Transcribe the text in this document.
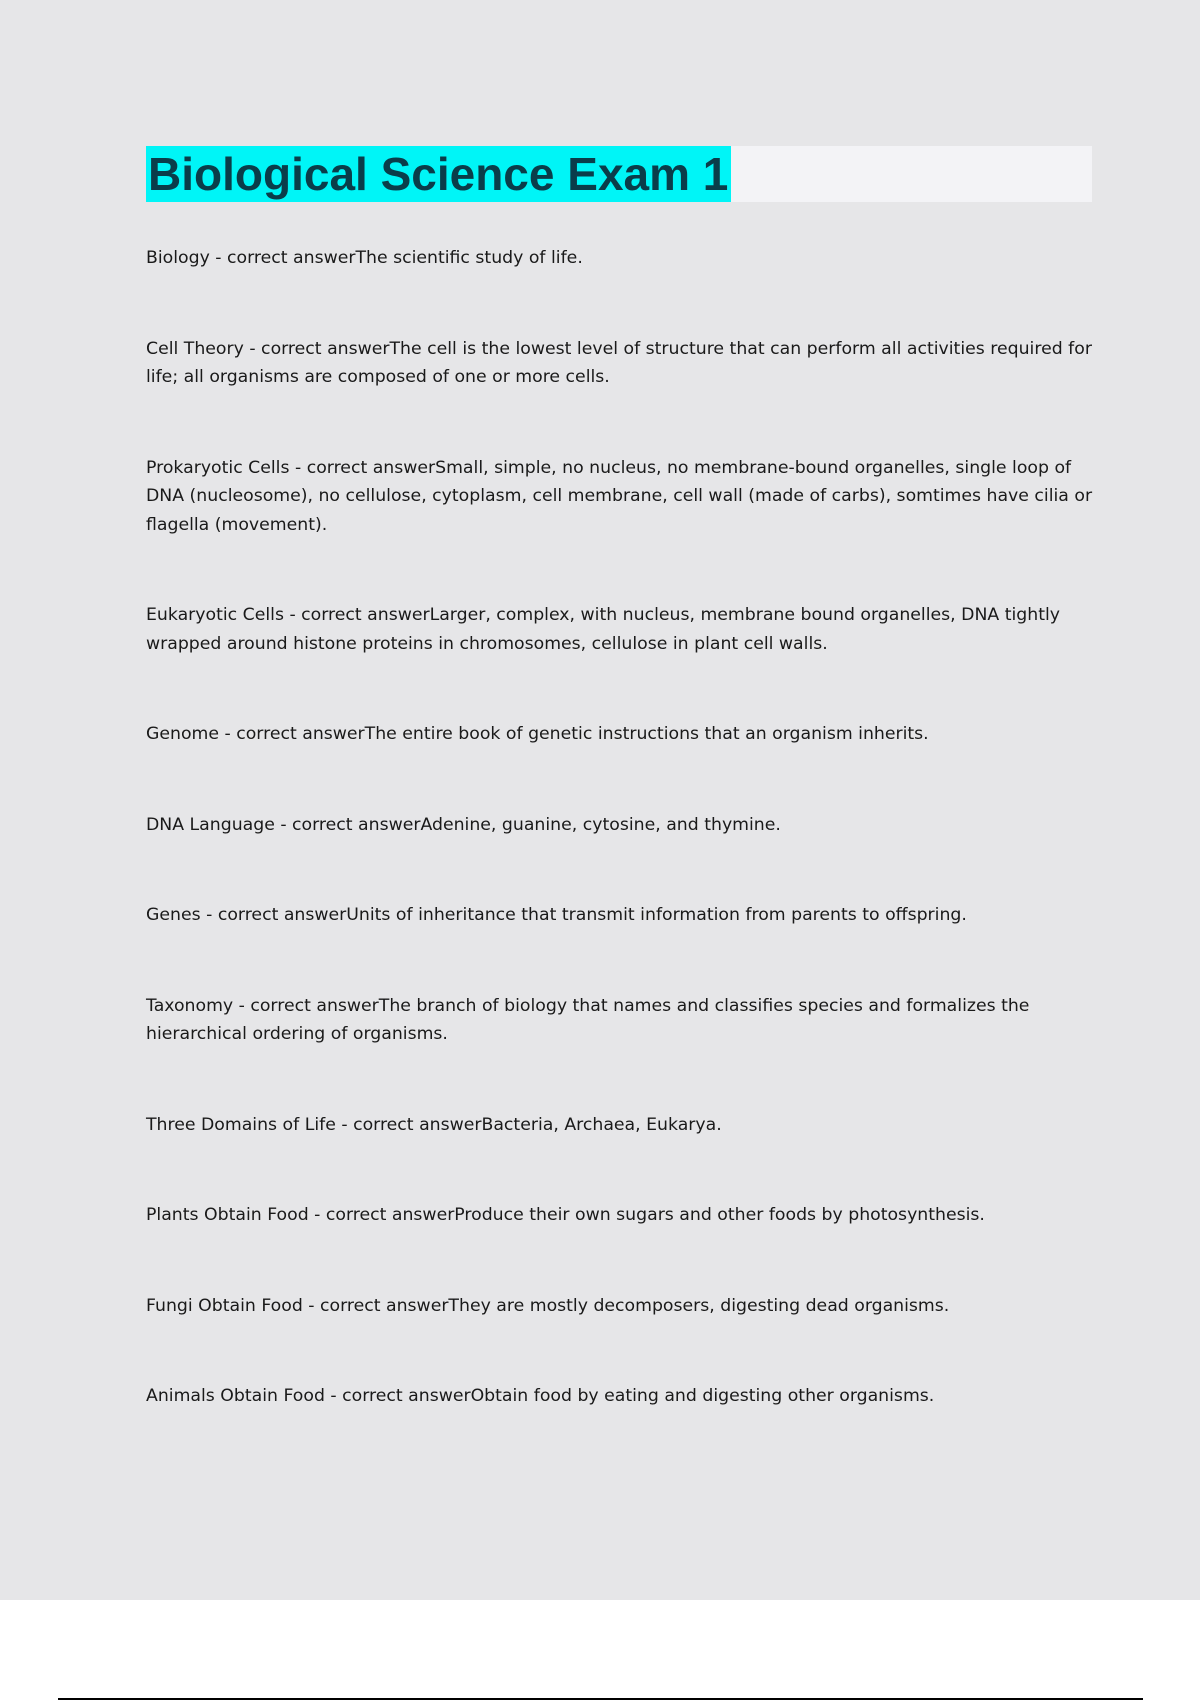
Biological Science Exam 1

Biology - correct answerThe scientific study of life.

Cell Theory - correct answerThe cell is the lowest level of structure that can perform all activities required for life; all organisms are composed of one or more cells.

Prokaryotic Cells - correct answerSmall, simple, no nucleus, no membrane-bound organelles, single loop of DNA (nucleosome), no cellulose, cytoplasm, cell membrane, cell wall (made of carbs), somtimes have cilia or flagella (movement).

Eukaryotic Cells - correct answerLarger, complex, with nucleus, membrane bound organelles, DNA tightly wrapped around histone proteins in chromosomes, cellulose in plant cell walls.

Genome - correct answerThe entire book of genetic instructions that an organism inherits.

DNA Language - correct answerAdenine, guanine, cytosine, and thymine.

Genes - correct answerUnits of inheritance that transmit information from parents to offspring.

Taxonomy - correct answerThe branch of biology that names and classifies species and formalizes the hierarchical ordering of organisms.

Three Domains of Life - correct answerBacteria, Archaea, Eukarya.

Plants Obtain Food - correct answerProduce their own sugars and other foods by photosynthesis.

Fungi Obtain Food - correct answerThey are mostly decomposers, digesting dead organisms.

Animals Obtain Food - correct answerObtain food by eating and digesting other organisms.
